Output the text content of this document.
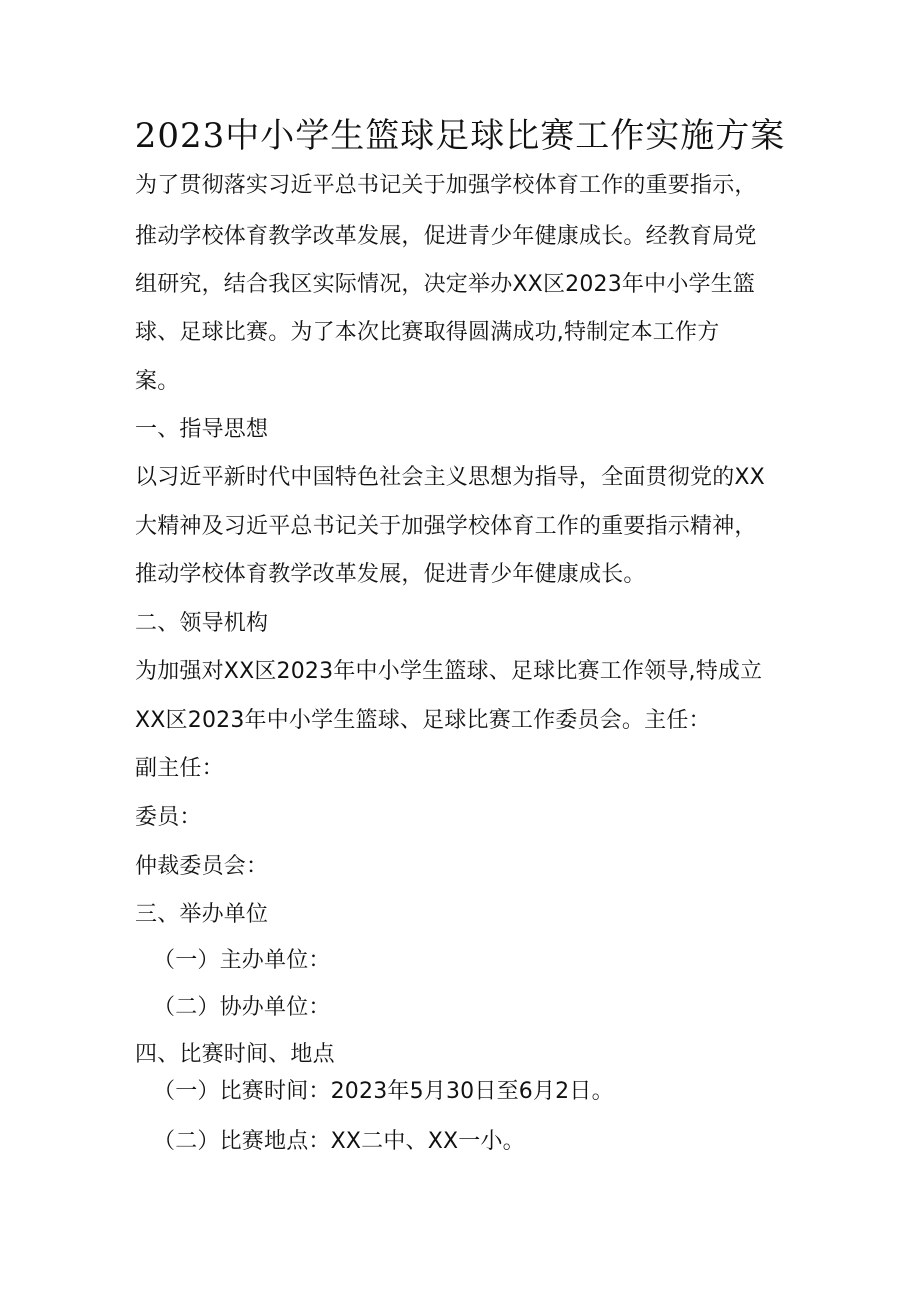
2023中小学生篮球足球比赛工作实施方案
为了贯彻落实习近平总书记关于加强学校体育工作的重要指示，
推动学校体育教学改革发展，促进青少年健康成长。经教育局党
组研究，结合我区实际情况，决定举办XX区2023年中小学生篮
球、足球比赛。为了本次比赛取得圆满成功,特制定本工作方
案。
一、指导思想
以习近平新时代中国特色社会主义思想为指导，全面贯彻党的XX
大精神及习近平总书记关于加强学校体育工作的重要指示精神，
推动学校体育教学改革发展，促进青少年健康成长。
二、领导机构
为加强对XX区2023年中小学生篮球、足球比赛工作领导,特成立
XX区2023年中小学生篮球、足球比赛工作委员会。主任：
副主任：
委员：
仲裁委员会：
三、举办单位
（一）主办单位：
（二）协办单位：
四、比赛时间、地点
（一）比赛时间：2023年5月30日至6月2日。
（二）比赛地点：XX二中、XX一小。
